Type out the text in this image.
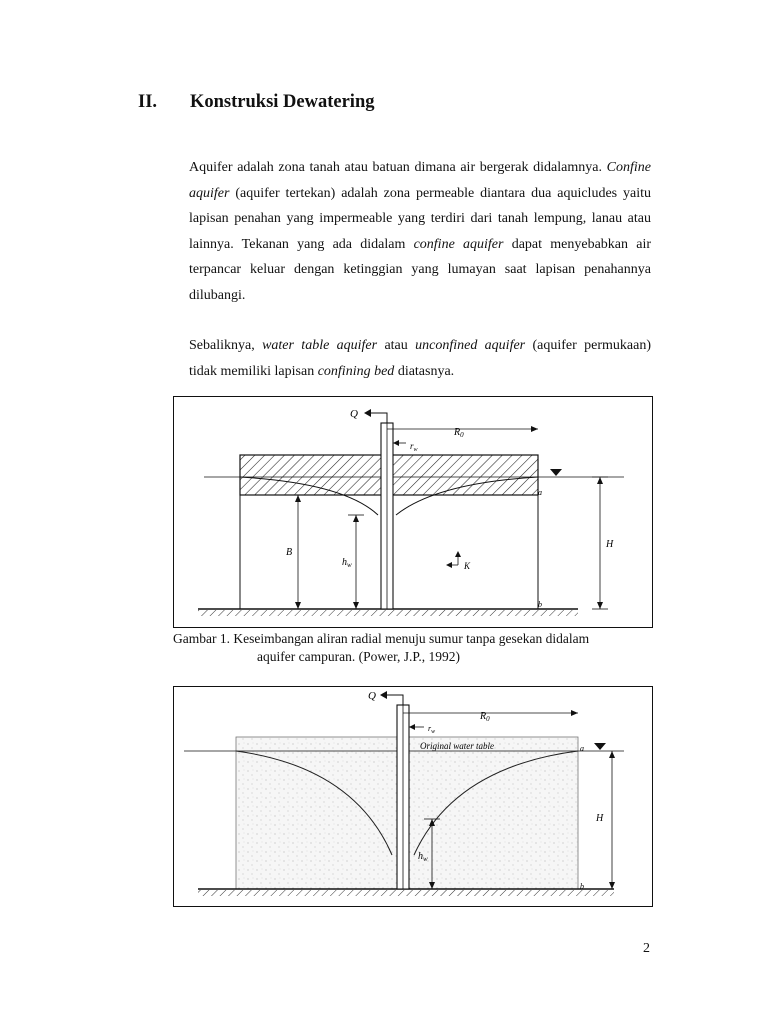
II. Konstruksi Dewatering

Aquifer adalah zona tanah atau batuan dimana air bergerak didalamnya. Confine aquifer (aquifer tertekan) adalah zona permeable diantara dua aquicludes yaitu lapisan penahan yang impermeable yang terdiri dari tanah lempung, lanau atau lainnya. Tekanan yang ada didalam confine aquifer dapat menyebabkan air terpancar keluar dengan ketinggian yang lumayan saat lapisan penahannya dilubangi.

Sebaliknya, water table aquifer atau unconfined aquifer (aquifer permukaan) tidak memiliki lapisan confining bed diatasnya.

Q
$R_0$
$r_w$
a
b
H
B
$h_w$	K
Gambar 1. Keseimbangan aliran radial menuju sumur tanpa gesekan didalam
aquifer campuran. (Power, J.P., 1992)
Original water table
Q
$R_0$
$r_w$
a
b
H
$h_w$
2
